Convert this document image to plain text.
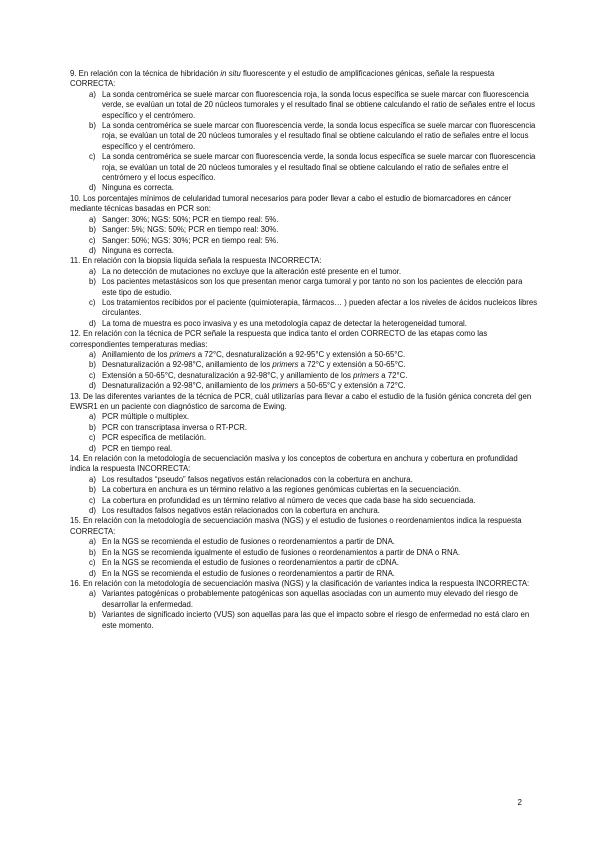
9. En relación con la técnica de hibridación in situ fluorescente y el estudio de amplificaciones génicas, señale la respuesta CORRECTA:

a) La sonda centromérica se suele marcar con fluorescencia roja, la sonda locus específica se suele marcar con fluorescencia verde, se evalúan un total de 20 núcleos tumorales y el resultado final se obtiene calculando el ratio de señales entre el locus específico y el centrómero.
b) La sonda centromérica se suele marcar con fluorescencia verde, la sonda locus específica se suele marcar con fluorescencia roja, se evalúan un total de 20 núcleos tumorales y el resultado final se obtiene calculando el ratio de señales entre el locus específico y el centrómero.
c) La sonda centromérica se suele marcar con fluorescencia verde, la sonda locus específica se suele marcar con fluorescencia roja, se evalúan un total de 20 núcleos tumorales y el resultado final se obtiene calculando el ratio de señales entre el centrómero y el locus específico.
d) Ninguna es correcta.

10. Los porcentajes mínimos de celularidad tumoral necesarios para poder llevar a cabo el estudio de biomarcadores en cáncer mediante técnicas basadas en PCR son:

a) Sanger: 30%; NGS: 50%; PCR en tiempo real: 5%.
b) Sanger: 5%; NGS: 50%; PCR en tiempo real: 30%.
c) Sanger: 50%; NGS: 30%; PCR en tiempo real: 5%.
d) Ninguna es correcta.

11. En relación con la biopsia líquida señala la respuesta INCORRECTA:

a) La no detección de mutaciones no excluye que la alteración esté presente en el tumor.
b) Los pacientes metastásicos son los que presentan menor carga tumoral y por tanto no son los pacientes de elección para este tipo de estudio.
c) Los tratamientos recibidos por el paciente (quimioterapia, fármacos… ) pueden afectar a los niveles de ácidos nucleicos libres circulantes.
d) La toma de muestra es poco invasiva y es una metodología capaz de detectar la heterogeneidad tumoral.

12. En relación con la técnica de PCR señale la respuesta que indica tanto el orden CORRECTO de las etapas como las correspondientes temperaturas medias:

a) Anillamiento de los primers a 72°C, desnaturalización a 92-95°C y extensión a 50-65°C.
b) Desnaturalización a 92-98°C, anillamiento de los primers a 72°C y extensión a 50-65°C.
c) Extensión a 50-65°C, desnaturalización a 92-98°C, y anillamiento de los primers a 72°C.
d) Desnaturalización a 92-98°C, anillamiento de los primers a 50-65°C y extensión a 72°C.

13. De las diferentes variantes de la técnica de PCR, cuál utilizarías para llevar a cabo el estudio de la fusión génica concreta del gen EWSR1 en un paciente con diagnóstico de sarcoma de Ewing.

a) PCR múltiple o multiplex.
b) PCR con transcriptasa inversa o RT-PCR.
c) PCR específica de metilación.
d) PCR en tiempo real.

14. En relación con la metodología de secuenciación masiva y los conceptos de cobertura en anchura y cobertura en profundidad indica la respuesta INCORRECTA:

a) Los resultados “pseudo” falsos negativos están relacionados con la cobertura en anchura.
b) La cobertura en anchura es un término relativo a las regiones genómicas cubiertas en la secuenciación.
c) La cobertura en profundidad es un término relativo al número de veces que cada base ha sido secuenciada.
d) Los resultados falsos negativos están relacionados con la cobertura en anchura.

15. En relación con la metodología de secuenciación masiva (NGS) y el estudio de fusiones o reordenamientos indica la respuesta CORRECTA:

a) En la NGS se recomienda el estudio de fusiones o reordenamientos a partir de DNA.
b) En la NGS se recomienda igualmente el estudio de fusiones o reordenamientos a partir de DNA o RNA.
c) En la NGS se recomienda el estudio de fusiones o reordenamientos a partir de cDNA.
d) En la NGS se recomienda el estudio de fusiones o reordenamientos a partir de RNA.

16. En relación con la metodología de secuenciación masiva (NGS) y la clasificación de variantes indica la respuesta INCORRECTA:

a) Variantes patogénicas o probablemente patogénicas son aquellas asociadas con un aumento muy elevado del riesgo de desarrollar la enfermedad.
b) Variantes de significado incierto (VUS) son aquellas para las que el impacto sobre el riesgo de enfermedad no está claro en este momento.
2
